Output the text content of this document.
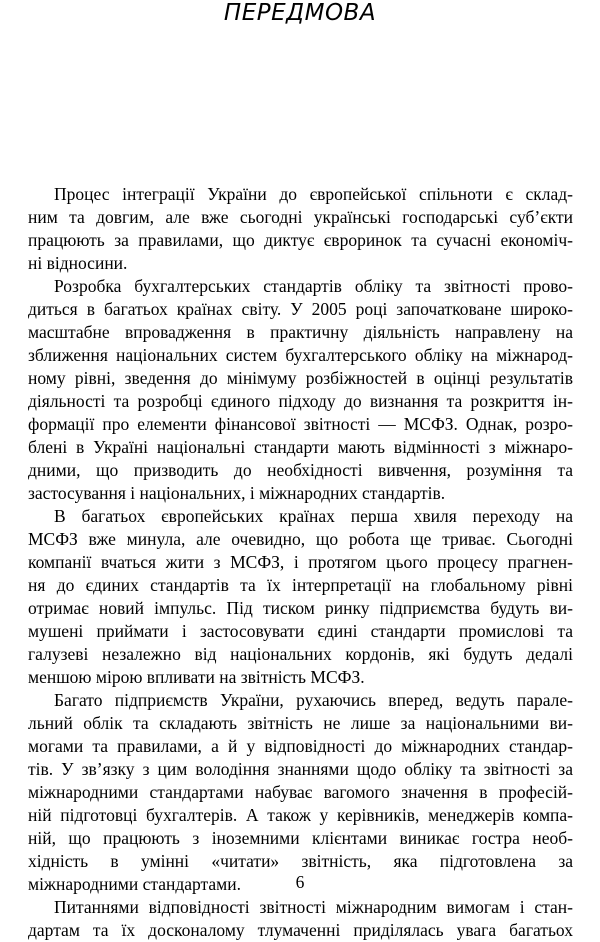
ПЕРЕДМОВА

Процес інтеграції України до європейської спільноти є склад-
ним та довгим, але вже сьогодні українські господарські суб’єкти
працюють за правилами, що диктує євроринок та сучасні економіч-
ні відносини.

Розробка бухгалтерських стандартів обліку та звітності прово-
диться в багатьох країнах світу. У 2005 році започатковане широко-
масштабне впровадження в практичну діяльність направлену на
зближення національних систем бухгалтерського обліку на міжнарод-
ному рівні, зведення до мінімуму розбіжностей в оцінці результатів
діяльності та розробці єдиного підходу до визнання та розкриття ін-
формації про елементи фінансової звітності — МСФЗ. Однак, розро-
блені в Україні національні стандарти мають відмінності з міжнаро-
дними, що призводить до необхідності вивчення, розуміння та
застосування і національних, і міжнародних стандартів.

В багатьох європейських країнах перша хвиля переходу на
МСФЗ вже минула, але очевидно, що робота ще триває. Сьогодні
компанії вчаться жити з МСФЗ, і протягом цього процесу прагнен-
ня до єдиних стандартів та їх інтерпретації на глобальному рівні
отримає новий імпульс. Під тиском ринку підприємства будуть ви-
мушені приймати і застосовувати єдині стандарти промислові та
галузеві незалежно від національних кордонів, які будуть дедалі
меншою мірою впливати на звітність МСФЗ.

Багато підприємств України, рухаючись вперед, ведуть парале-
льний облік та складають звітність не лише за національними ви-
могами та правилами, а й у відповідності до міжнародних стандар-
тів. У зв’язку з цим володіння знаннями щодо обліку та звітності за
міжнародними стандартами набуває вагомого значення в професій-
ній підготовці бухгалтерів. А також у керівників, менеджерів компа-
ній, що працюють з іноземними клієнтами виникає гостра необ-
хідність в умінні «читати» звітність, яка підготовлена за
міжнародними стандартами.

Питаннями відповідності звітності міжнародним вимогам і стан-
дартам та їх досконалому тлумаченні приділялась увага багатьох

6
